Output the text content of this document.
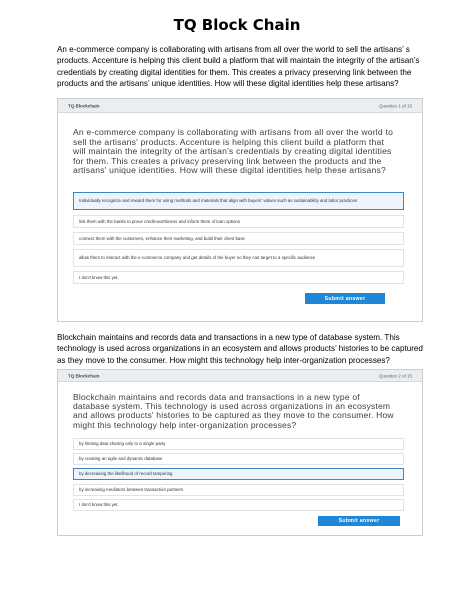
TQ Block Chain

An e-commerce company is collaborating with artisans from all over the world to sell the artisans’ s products. Accenture is helping this client build a platform that will maintain the integrity of the artisan’s credentials by creating digital identities for them. This creates a privacy preserving link between the products and the artisans’ unique identities. How will these digital identities help these artisans?

TQ Blockchain	Question 1 of 15
An e-commerce company is collaborating with artisans from all over the world to sell the artisans' products. Accenture is helping this client build a platform that will maintain the integrity of the artisan's credentials by creating digital identities for them. This creates a privacy preserving link between the products and the artisans' unique identities. How will these digital identities help these artisans?
Individually recognize and reward them for using methods and materials that align with buyers' values such as sustainability and labor practices
link them with the banks to prove credit-worthiness and inform them of loan options
connect them with the customers, enhance their marketing, and build their client base
allow them to interact with the e-commerce company and get details of the buyer so they can target to a specific audience
I don't know this yet.
Submit answer

Blockchain maintains and records data and transactions in a new type of database system. This technology is used across organizations in an ecosystem and allows products’ histories to be captured as they move to the consumer. How might this technology help inter-organization processes?

TQ Blockchain	Question 2 of 15
Blockchain maintains and records data and transactions in a new type of database system. This technology is used across organizations in an ecosystem and allows products' histories to be captured as they move to the consumer. How might this technology help inter-organization processes?
by limiting data sharing only to a single party
by creating an agile and dynamic database
by decreasing the likelihood of record tampering
by increasing mediators between transaction partners
I don't know this yet.
Submit answer
